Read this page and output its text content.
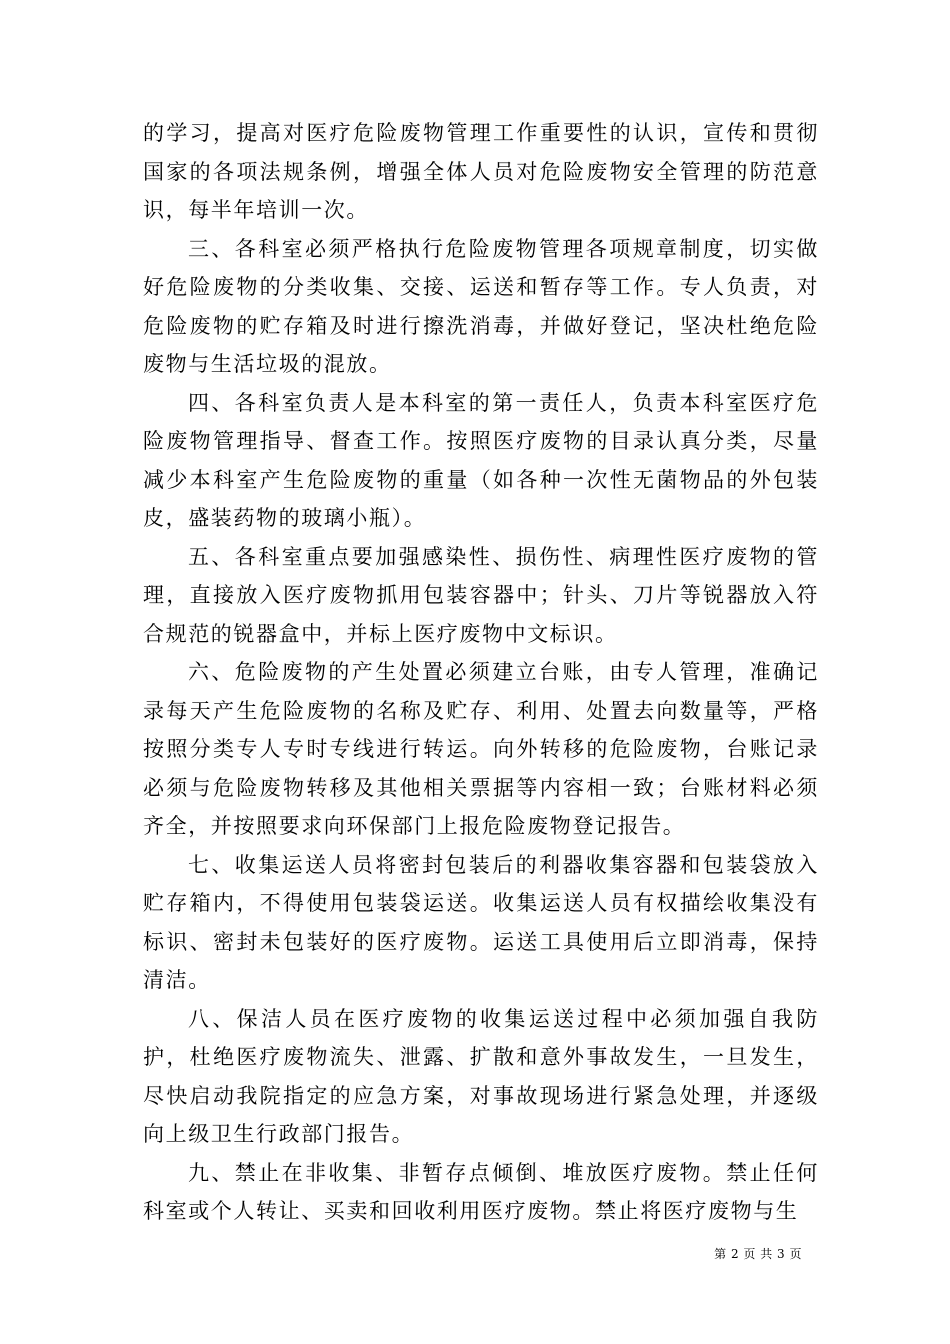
的学习，提高对医疗危险废物管理工作重要性的认识，宣传和贯彻国家的各项法规条例，增强全体人员对危险废物安全管理的防范意识，每半年培训一次。

三、各科室必须严格执行危险废物管理各项规章制度，切实做好危险废物的分类收集、交接、运送和暂存等工作。专人负责，对危险废物的贮存箱及时进行擦洗消毒，并做好登记，坚决杜绝危险废物与生活垃圾的混放。

四、各科室负责人是本科室的第一责任人，负责本科室医疗危险废物管理指导、督查工作。按照医疗废物的目录认真分类，尽量减少本科室产生危险废物的重量（如各种一次性无菌物品的外包装皮，盛装药物的玻璃小瓶）。

五、各科室重点要加强感染性、损伤性、病理性医疗废物的管理，直接放入医疗废物抓用包装容器中；针头、刀片等锐器放入符合规范的锐器盒中，并标上医疗废物中文标识。

六、危险废物的产生处置必须建立台账，由专人管理，准确记录每天产生危险废物的名称及贮存、利用、处置去向数量等，严格按照分类专人专时专线进行转运。向外转移的危险废物，台账记录必须与危险废物转移及其他相关票据等内容相一致；台账材料必须齐全，并按照要求向环保部门上报危险废物登记报告。

七、收集运送人员将密封包装后的利器收集容器和包装袋放入贮存箱内，不得使用包装袋运送。收集运送人员有权描绘收集没有标识、密封未包装好的医疗废物。运送工具使用后立即消毒，保持清洁。

八、保洁人员在医疗废物的收集运送过程中必须加强自我防护，杜绝医疗废物流失、泄露、扩散和意外事故发生，一旦发生，尽快启动我院指定的应急方案，对事故现场进行紧急处理，并逐级向上级卫生行政部门报告。

九、禁止在非收集、非暂存点倾倒、堆放医疗废物。禁止任何科室或个人转让、买卖和回收利用医疗废物。禁止将医疗废物与生

第 2 页 共 3 页
